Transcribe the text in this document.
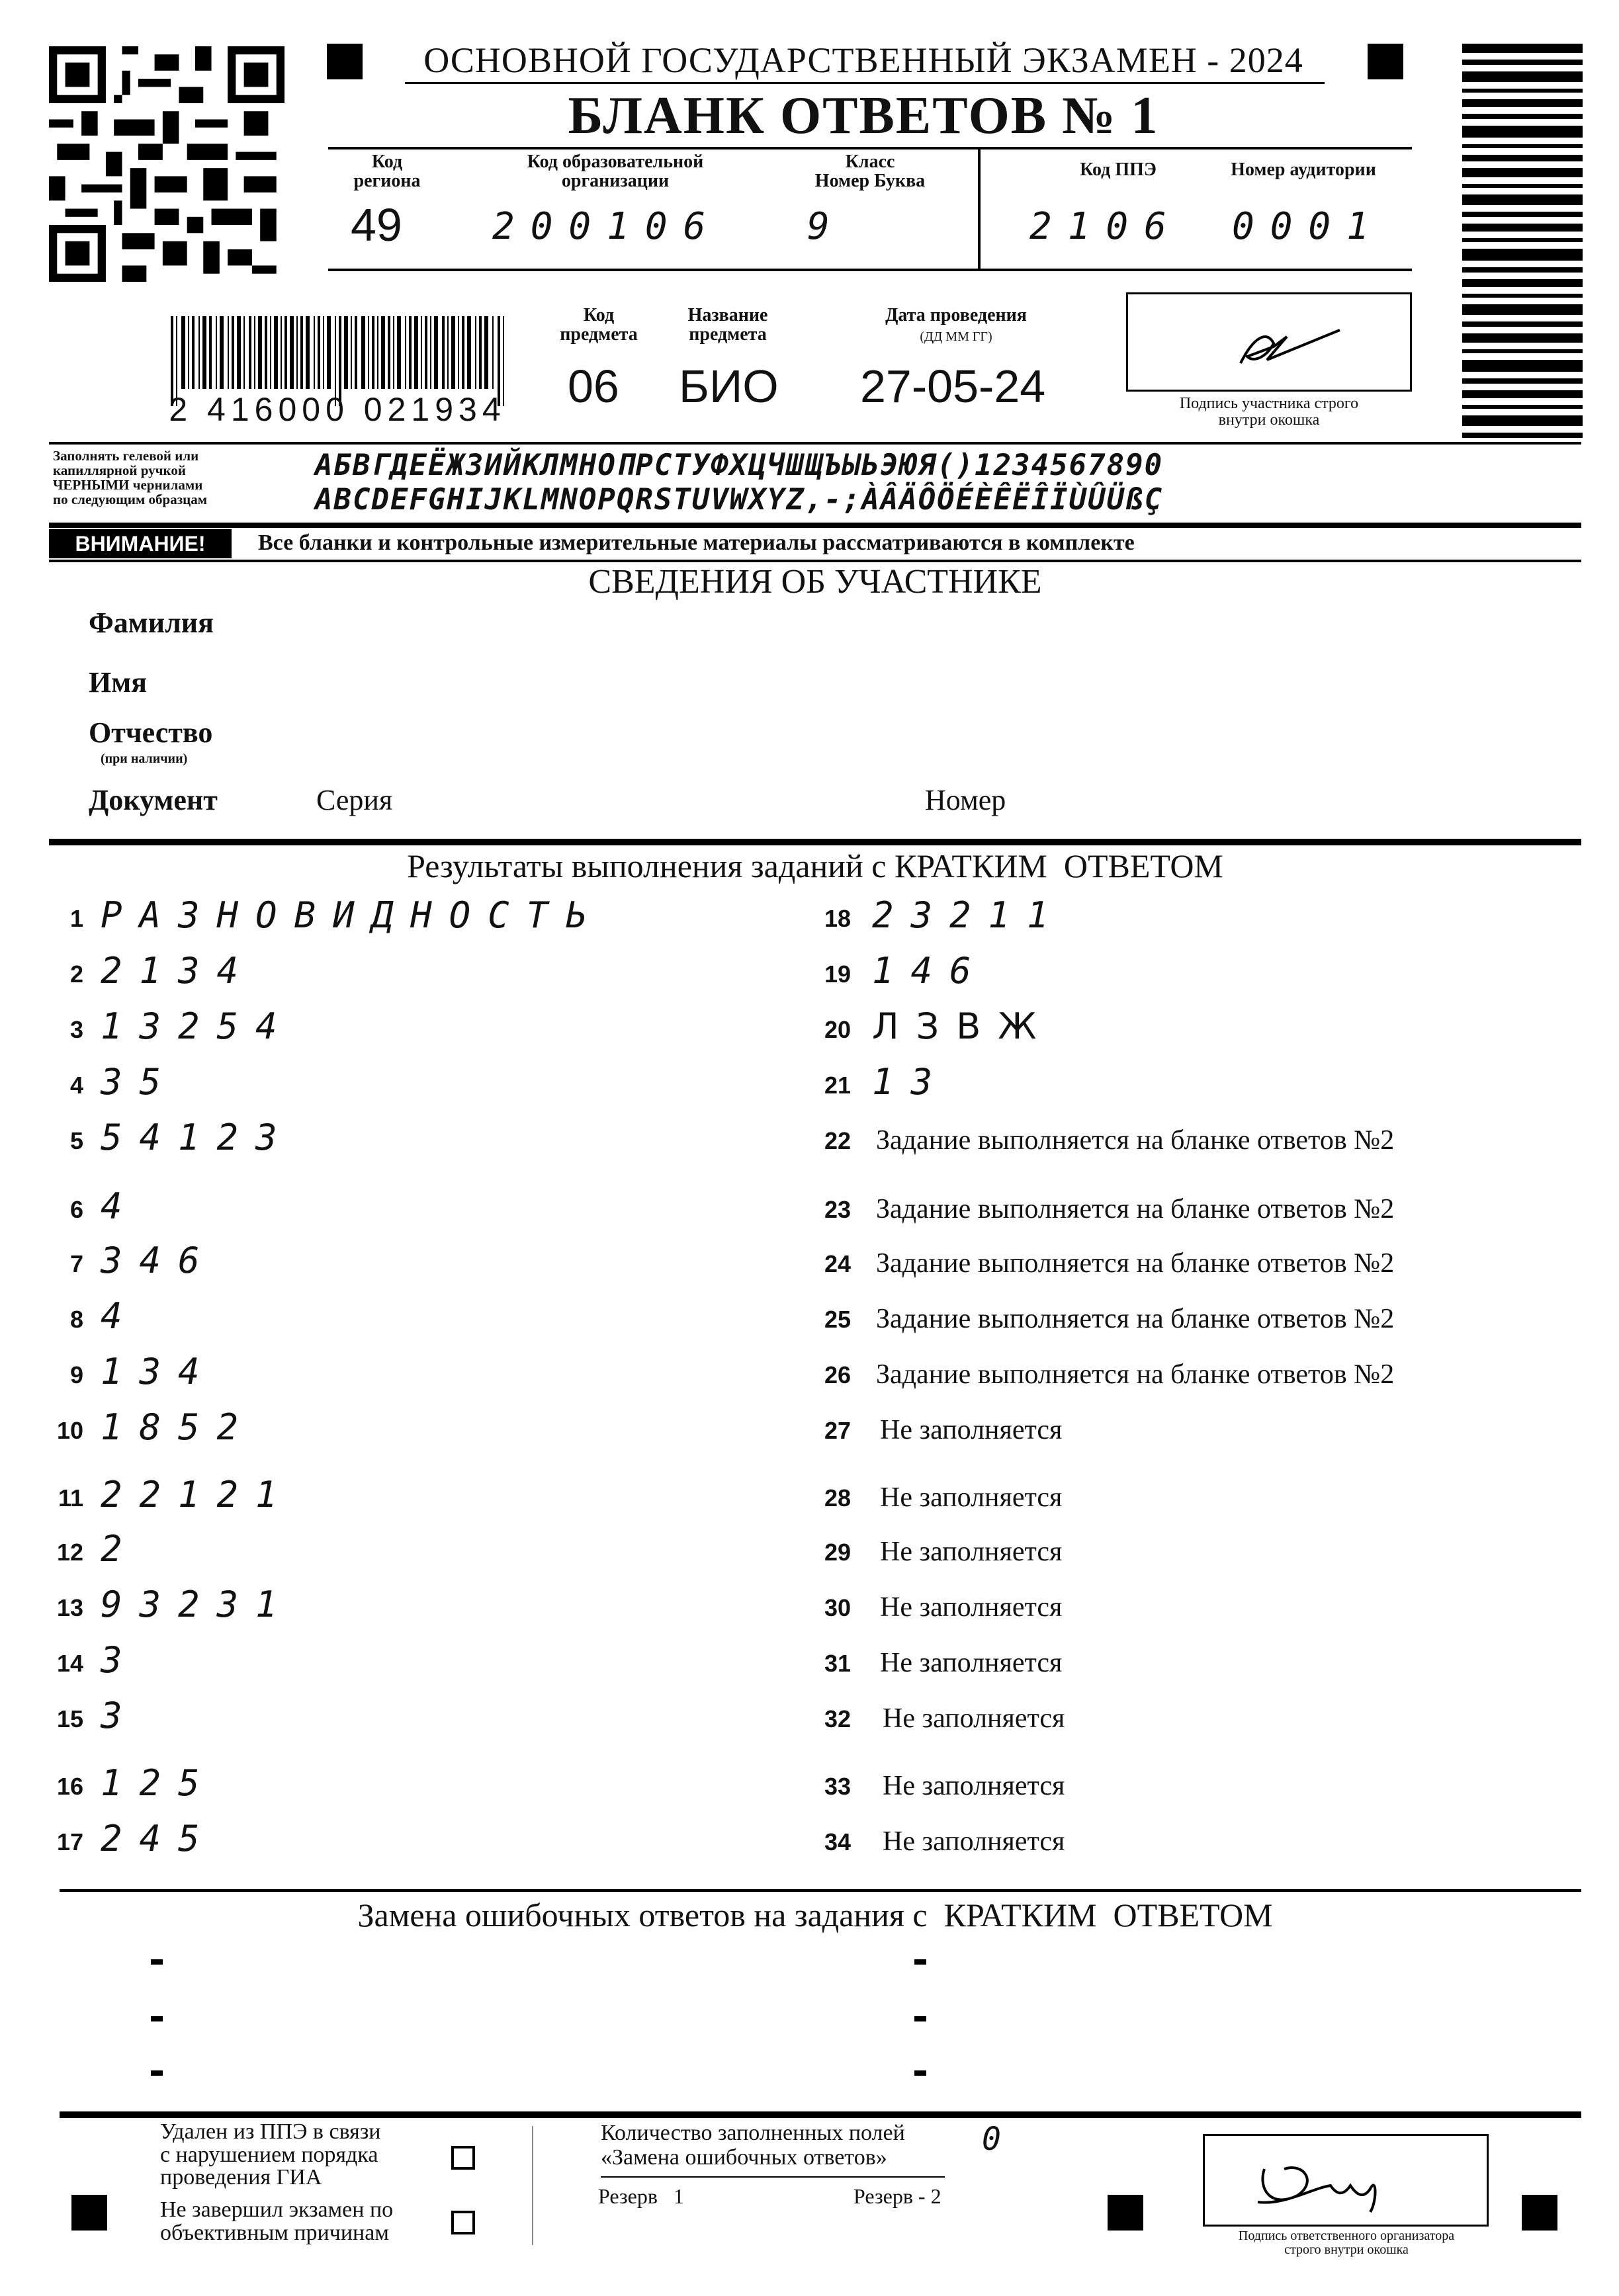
ОСНОВНОЙ ГОСУДАРСТВЕННЫЙ ЭКЗАМЕН - 2024
БЛАНК ОТВЕТОВ № 1
Код
региона
49
Код образовательной
организации
200106
Класс
Номер Буква
9
Код ППЭ
2106
Номер аудитории
0001
2 416000 021934
Код
предмета
06
Название
предмета
БИО
Дата проведения
(ДД ММ ГГ)
27-05-24	Подпись участника строго
внутри окошка
Заполнять гелевой или
капиллярной ручкой
ЧЕРНЫМИ чернилами
по следующим образцам
АБВГДЕЁЖЗИЙКЛМНОПРСТУФХЦЧШЩЪЫЬЭЮЯ()1234567890
ABCDEFGHIJKLMNOPQRSTUVWXYZ,-;ÀÂÄÔÖÉÈÊËÎÏÙÛÜßÇ
ВНИМАНИЕ!	Все бланки и контрольные измерительные материалы рассматриваются в комплекте
СВЕДЕНИЯ ОБ УЧАСТНИКЕ
Фамилия
Имя
Отчество
(при наличии)
Документ	Серия	Номер
Результаты выполнения заданий с КРАТКИМ  ОТВЕТОМ
1 РАЗНОВИДНОСТЬ
2 2134
3 13254
4 35
5 54123
6 4
7 346
8 4
9 134
10 1852
11 22121
12 2
13 93231
14 3
15 3
16 125
17 245
18 23211
19 146
20 ЛЗВЖ
21 13
22 Задание выполняется на бланке ответов №2
23 Задание выполняется на бланке ответов №2
24 Задание выполняется на бланке ответов №2
25 Задание выполняется на бланке ответов №2
26 Задание выполняется на бланке ответов №2
27 Не заполняется
28 Не заполняется
29 Не заполняется
30 Не заполняется
31 Не заполняется
32 Не заполняется
33 Не заполняется
34 Не заполняется
Замена ошибочных ответов на задания с  КРАТКИМ  ОТВЕТОМ
Удален из ППЭ в связи
с нарушением порядка
проведения ГИА
Не завершил экзамен по
объективным причинам
Количество заполненных полей
«Замена ошибочных ответов»	0
Резерв   1	Резерв - 2
Подпись ответственного организатора
строго внутри окошка
